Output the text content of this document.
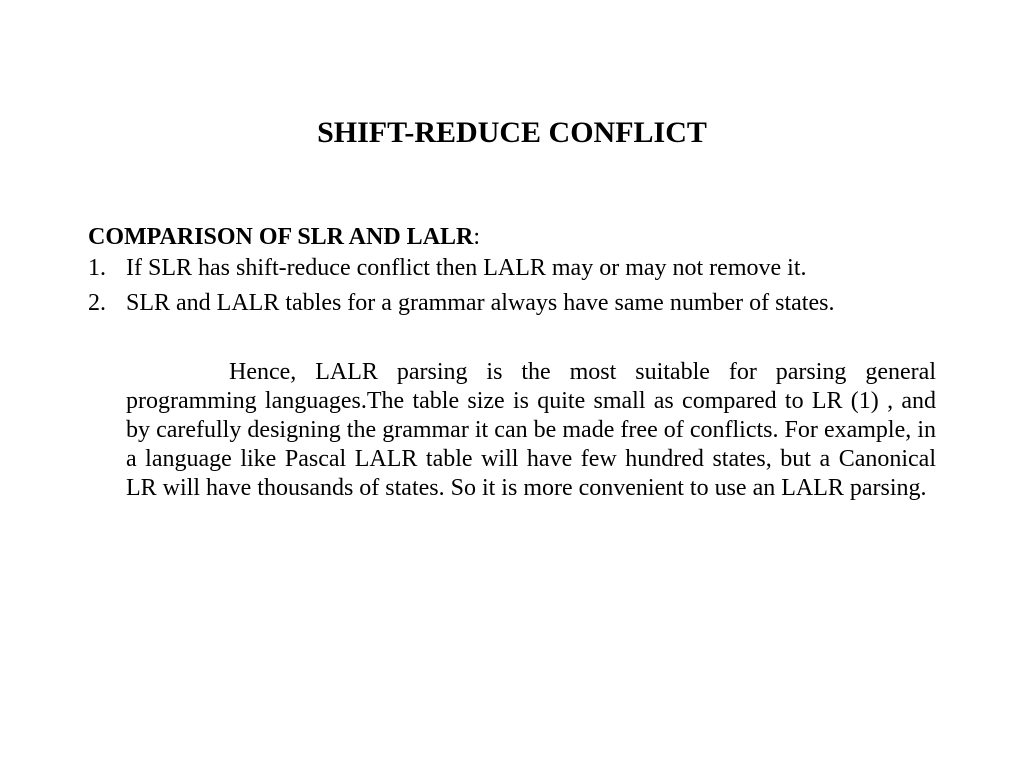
SHIFT-REDUCE CONFLICT

COMPARISON OF SLR AND LALR:

1. If SLR has shift-reduce conflict then LALR may or may not remove it.
2. SLR and LALR tables for a grammar always have same number of states.

Hence, LALR parsing is the most suitable for parsing general programming languages.The table size is quite small as compared to LR (1) , and by carefully designing the grammar it can be made free of conflicts. For example, in a language like Pascal LALR table will have few hundred states, but a Canonical LR will have thousands of states. So it is more convenient to use an LALR parsing.
